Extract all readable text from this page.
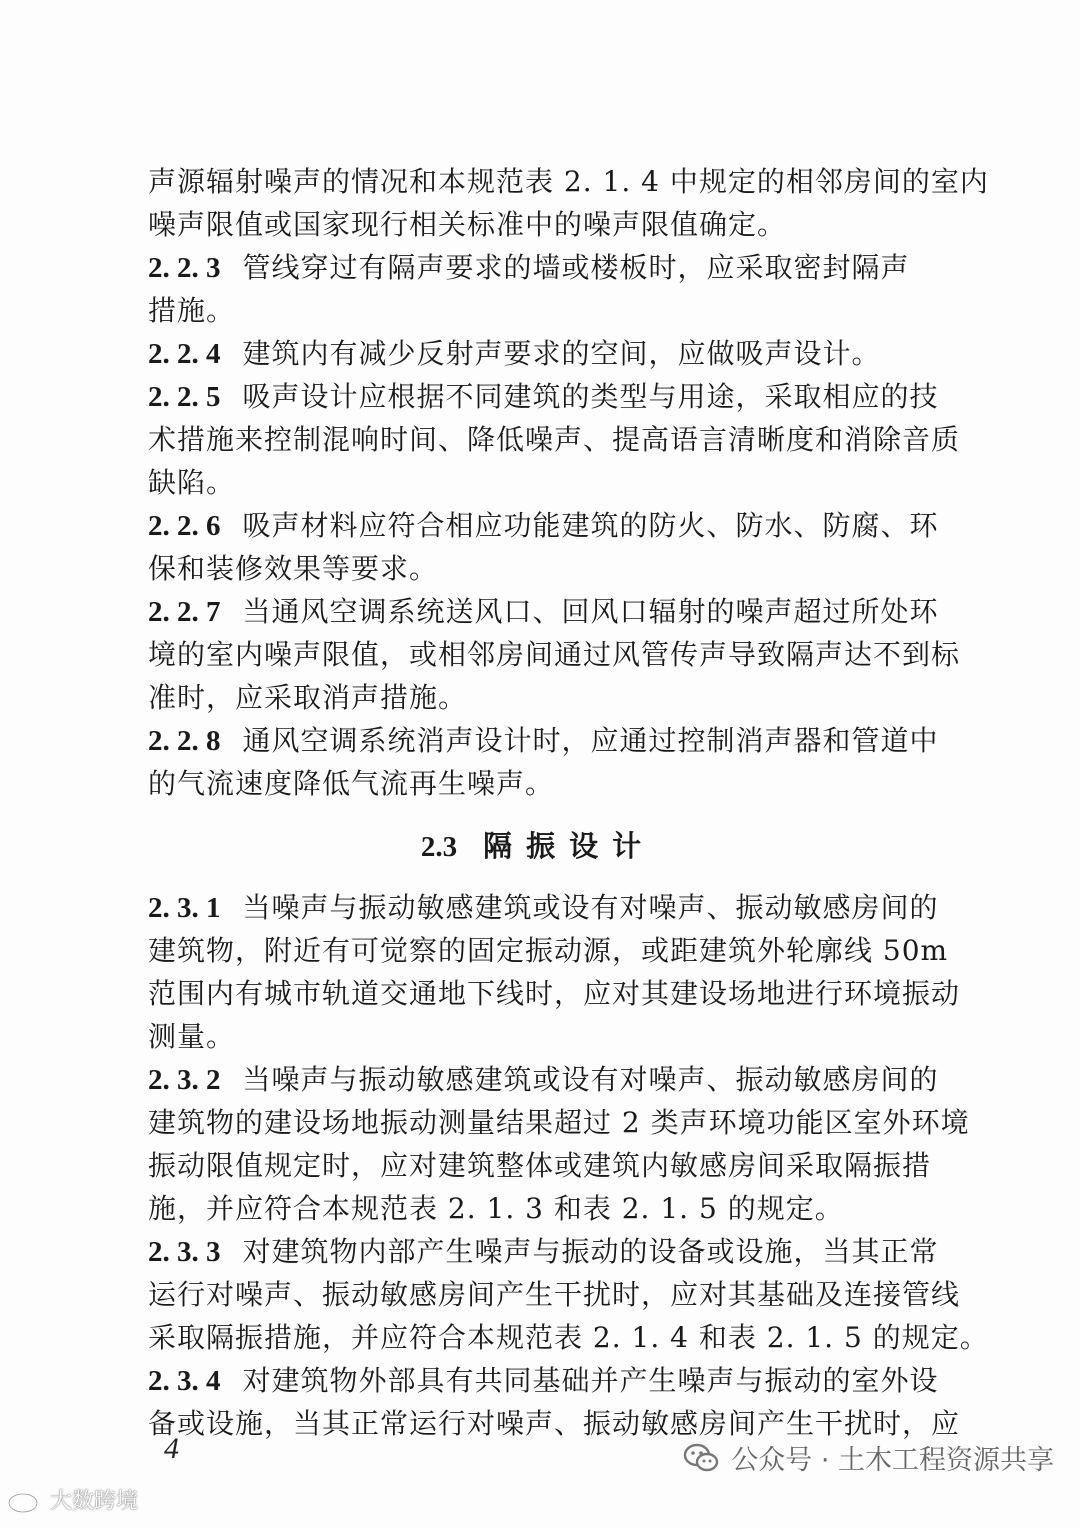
声源辐射噪声的情况和本规范表 2. 1. 4 中规定的相邻房间的室内
噪声限值或国家现行相关标准中的噪声限值确定。
2. 2. 3 管线穿过有隔声要求的墙或楼板时，应采取密封隔声
措施。
2. 2. 4 建筑内有减少反射声要求的空间，应做吸声设计。
2. 2. 5 吸声设计应根据不同建筑的类型与用途，采取相应的技
术措施来控制混响时间、降低噪声、提高语言清晰度和消除音质
缺陷。
2. 2. 6 吸声材料应符合相应功能建筑的防火、防水、防腐、环
保和装修效果等要求。
2. 2. 7 当通风空调系统送风口、回风口辐射的噪声超过所处环
境的室内噪声限值，或相邻房间通过风管传声导致隔声达不到标
准时，应采取消声措施。
2. 2. 8 通风空调系统消声设计时，应通过控制消声器和管道中
的气流速度降低气流再生噪声。
2.3 隔振设计
2. 3. 1 当噪声与振动敏感建筑或设有对噪声、振动敏感房间的
建筑物，附近有可觉察的固定振动源，或距建筑外轮廓线 50m
范围内有城市轨道交通地下线时，应对其建设场地进行环境振动
测量。
2. 3. 2 当噪声与振动敏感建筑或设有对噪声、振动敏感房间的
建筑物的建设场地振动测量结果超过 2 类声环境功能区室外环境
振动限值规定时，应对建筑整体或建筑内敏感房间采取隔振措
施，并应符合本规范表 2. 1. 3 和表 2. 1. 5 的规定。
2. 3. 3 对建筑物内部产生噪声与振动的设备或设施，当其正常
运行对噪声、振动敏感房间产生干扰时，应对其基础及连接管线
采取隔振措施，并应符合本规范表 2. 1. 4 和表 2. 1. 5 的规定。
2. 3. 4 对建筑物外部具有共同基础并产生噪声与振动的室外设
备或设施，当其正常运行对噪声、振动敏感房间产生干扰时，应
4	公众号 · 土木工程资源共享
大数跨境
